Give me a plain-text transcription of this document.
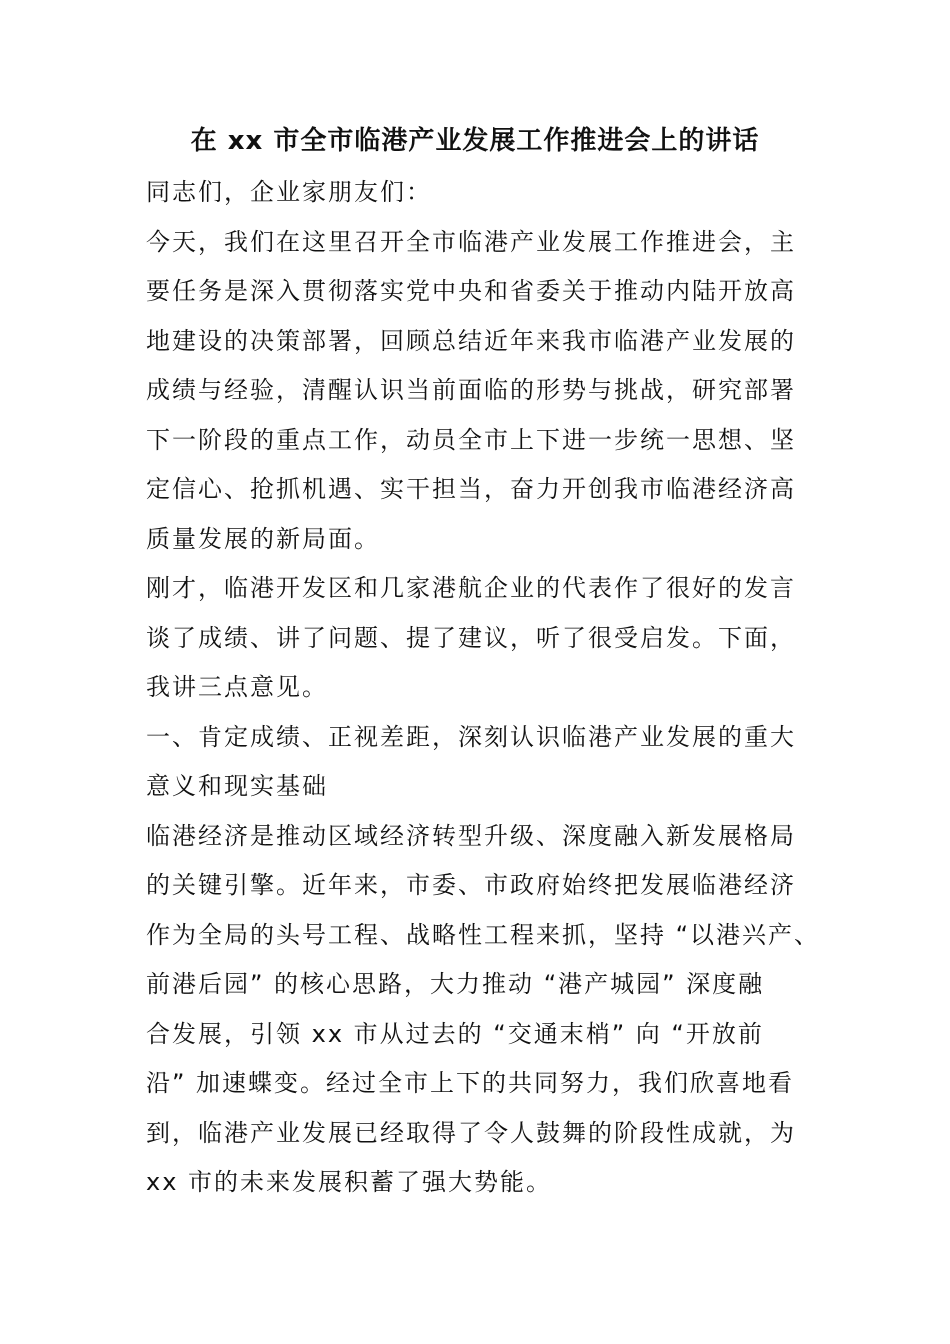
在 xx 市全市临港产业发展工作推进会上的讲话
同志们，企业家朋友们：
今天，我们在这里召开全市临港产业发展工作推进会，主
要任务是深入贯彻落实党中央和省委关于推动内陆开放高
地建设的决策部署，回顾总结近年来我市临港产业发展的
成绩与经验，清醒认识当前面临的形势与挑战，研究部署
下一阶段的重点工作，动员全市上下进一步统一思想、坚
定信心、抢抓机遇、实干担当，奋力开创我市临港经济高
质量发展的新局面。
刚才，临港开发区和几家港航企业的代表作了很好的发言
谈了成绩、讲了问题、提了建议，听了很受启发。下面，
我讲三点意见。
一、肯定成绩、正视差距，深刻认识临港产业发展的重大
意义和现实基础
临港经济是推动区域经济转型升级、深度融入新发展格局
的关键引擎。近年来，市委、市政府始终把发展临港经济
作为全局的头号工程、战略性工程来抓，坚持 “以港兴产、
前港后园” 的核心思路，大力推动 “港产城园” 深度融
合发展，引领 xx 市从过去的 “交通末梢” 向 “开放前
沿” 加速蝶变。经过全市上下的共同努力，我们欣喜地看
到，临港产业发展已经取得了令人鼓舞的阶段性成就，为
xx 市的未来发展积蓄了强大势能。
